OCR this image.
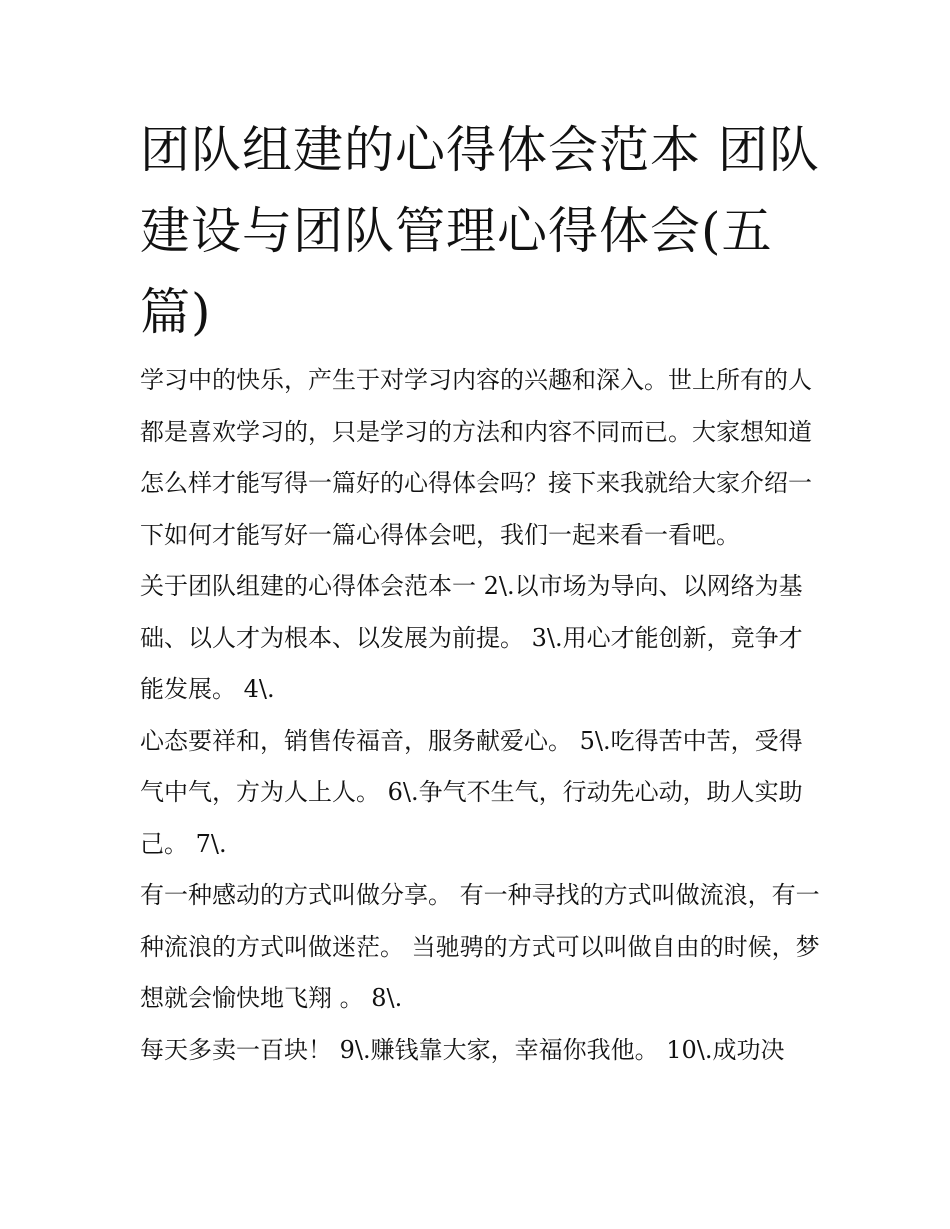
团队组建的心得体会范本 团队建设与团队管理心得体会(五篇)

学习中的快乐，产生于对学习内容的兴趣和深入。世上所有的人都是喜欢学习的，只是学习的方法和内容不同而已。大家想知道怎么样才能写得一篇好的心得体会吗？接下来我就给大家介绍一下如何才能写好一篇心得体会吧，我们一起来看一看吧。

关于团队组建的心得体会范本一 2\.以市场为导向、以网络为基础、以人才为根本、以发展为前提。 3\.用心才能创新，竞争才能发展。 4\.

心态要祥和，销售传福音，服务献爱心。 5\.吃得苦中苦，受得气中气，方为人上人。 6\.争气不生气，行动先心动，助人实助己。 7\.

有一种感动的方式叫做分享。 有一种寻找的方式叫做流浪，有一种流浪的方式叫做迷茫。 当驰骋的方式可以叫做自由的时候，梦想就会愉快地飞翔 。 8\.

每天多卖一百块！ 9\.赚钱靠大家，幸福你我他。 10\.成功决
